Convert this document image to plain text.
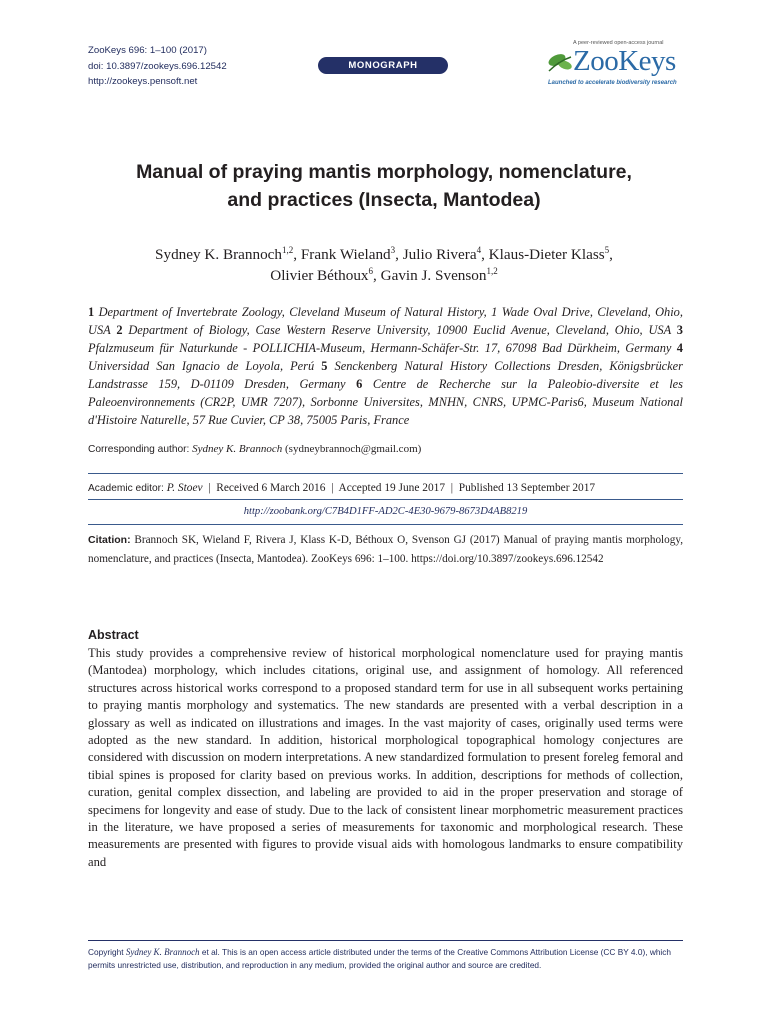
ZooKeys 696: 1–100 (2017)
doi: 10.3897/zookeys.696.12542
http://zookeys.pensoft.net
MONOGRAPH
A peer-reviewed open-access journal
ZooKeys
Launched to accelerate biodiversity research
Manual of praying mantis morphology, nomenclature,
and practices (Insecta, Mantodea)
Sydney K. Brannoch$^{1,2}$, Frank Wieland$^3$, Julio Rivera$^4$, Klaus-Dieter Klass$^5$,
Olivier Béthoux$^6$, Gavin J. Svenson$^{1,2}$
1 Department of Invertebrate Zoology, Cleveland Museum of Natural History, 1 Wade Oval Drive, Cleveland, Ohio, USA 2 Department of Biology, Case Western Reserve University, 10900 Euclid Avenue, Cleveland, Ohio, USA 3 Pfalzmuseum für Naturkunde - POLLICHIA-Museum, Hermann-Schäfer-Str. 17, 67098 Bad Dürkheim, Germany 4 Universidad San Ignacio de Loyola, Perú 5 Senckenberg Natural History Collections Dresden, Königsbrücker Landstrasse 159, D-01109 Dresden, Germany 6 Centre de Recherche sur la Paleobio-diversite et les Paleoenvironnements (CR2P, UMR 7207), Sorbonne Universites, MNHN, CNRS, UPMC-Paris6, Museum National d'Histoire Naturelle, 57 Rue Cuvier, CP 38, 75005 Paris, France
Corresponding author: Sydney K. Brannoch (sydneybrannoch@gmail.com)
Academic editor: P. Stoev | Received 6 March 2016 | Accepted 19 June 2017 | Published 13 September 2017
http://zoobank.org/C7B4D1FF-AD2C-4E30-9679-8673D4AB8219
Citation: Brannoch SK, Wieland F, Rivera J, Klass K-D, Béthoux O, Svenson GJ (2017) Manual of praying mantis morphology, nomenclature, and practices (Insecta, Mantodea). ZooKeys 696: 1–100. https://doi.org/10.3897/zookeys.696.12542
Abstract
This study provides a comprehensive review of historical morphological nomenclature used for praying mantis (Mantodea) morphology, which includes citations, original use, and assignment of homology. All referenced structures across historical works correspond to a proposed standard term for use in all subsequent works pertaining to praying mantis morphology and systematics. The new standards are presented with a verbal description in a glossary as well as indicated on illustrations and images. In the vast majority of cases, originally used terms were adopted as the new standard. In addition, historical morphological topographical homology conjectures are considered with discussion on modern interpretations. A new standardized formulation to present foreleg femoral and tibial spines is proposed for clarity based on previous works. In addition, descriptions for methods of collection, curation, genital complex dissection, and labeling are provided to aid in the proper preservation and storage of specimens for longevity and ease of study. Due to the lack of consistent linear morphometric measurement practices in the literature, we have proposed a series of measurements for taxonomic and morphological research. These measurements are presented with figures to provide visual aids with homologous landmarks to ensure compatibility and
Copyright Sydney K. Brannoch et al. This is an open access article distributed under the terms of the Creative Commons Attribution License (CC BY 4.0), which permits unrestricted use, distribution, and reproduction in any medium, provided the original author and source are credited.
